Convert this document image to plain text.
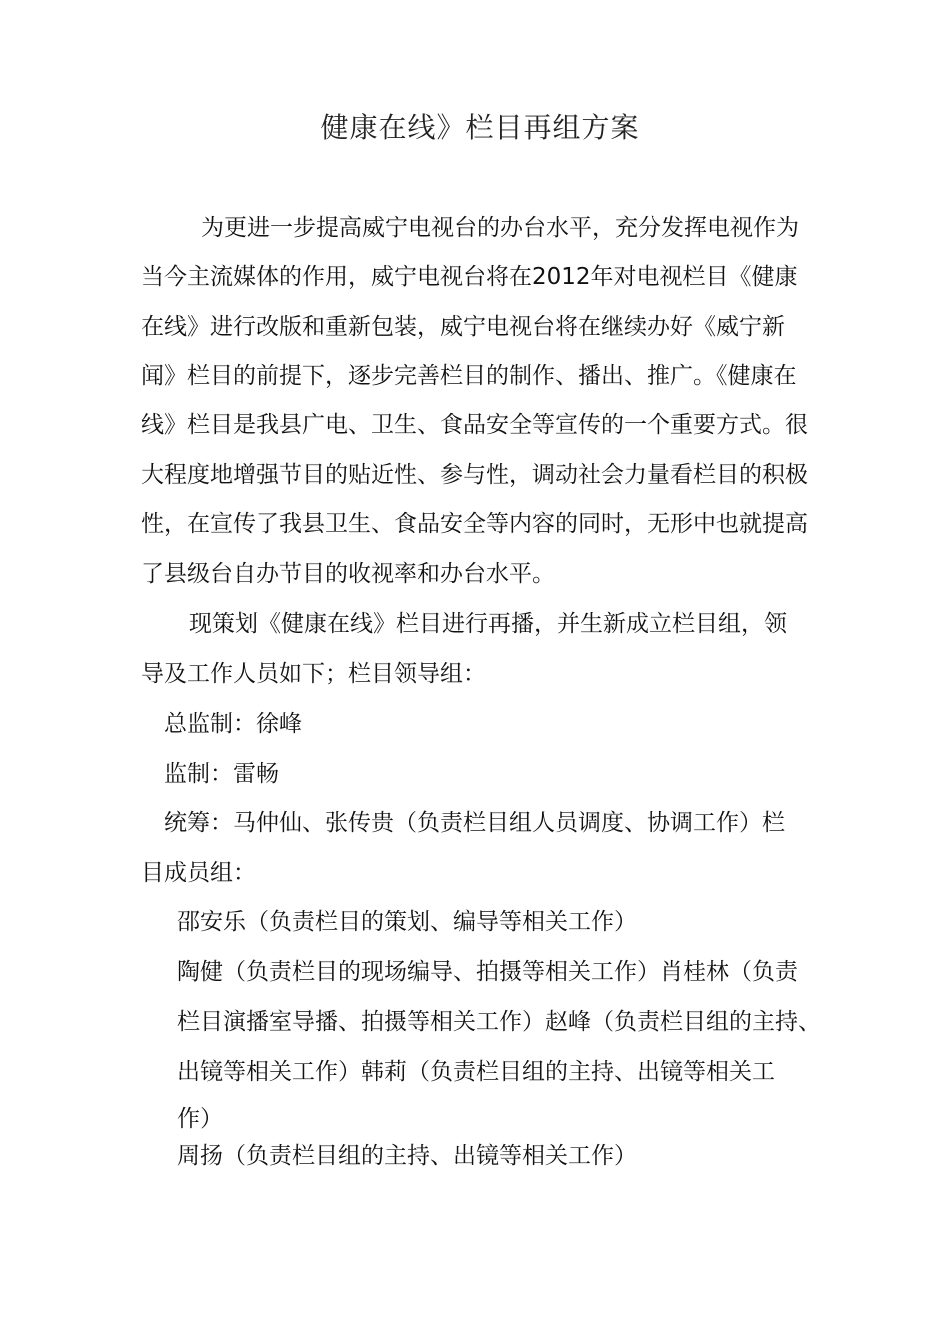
健康在线》栏目再组方案
为更进一步提高威宁电视台的办台水平，充分发挥电视作为
当今主流媒体的作用，威宁电视台将在2012年对电视栏目《健康
在线》进行改版和重新包装，威宁电视台将在继续办好《威宁新
闻》栏目的前提下，逐步完善栏目的制作、播出、推广。《健康在
线》栏目是我县广电、卫生、食品安全等宣传的一个重要方式。很
大程度地增强节目的贴近性、参与性，调动社会力量看栏目的积极
性，在宣传了我县卫生、食品安全等内容的同时，无形中也就提高
了县级台自办节目的收视率和办台水平。
现策划《健康在线》栏目进行再播，并生新成立栏目组，领
导及工作人员如下；栏目领导组：
总监制：徐峰
监制：雷畅
统筹：马仲仙、张传贵（负责栏目组人员调度、协调工作）栏
目成员组：
邵安乐（负责栏目的策划、编导等相关工作）
陶健（负责栏目的现场编导、拍摄等相关工作）肖桂林（负责
栏目演播室导播、拍摄等相关工作）赵峰（负责栏目组的主持、
出镜等相关工作）韩莉（负责栏目组的主持、出镜等相关工
作）
周扬（负责栏目组的主持、出镜等相关工作）
